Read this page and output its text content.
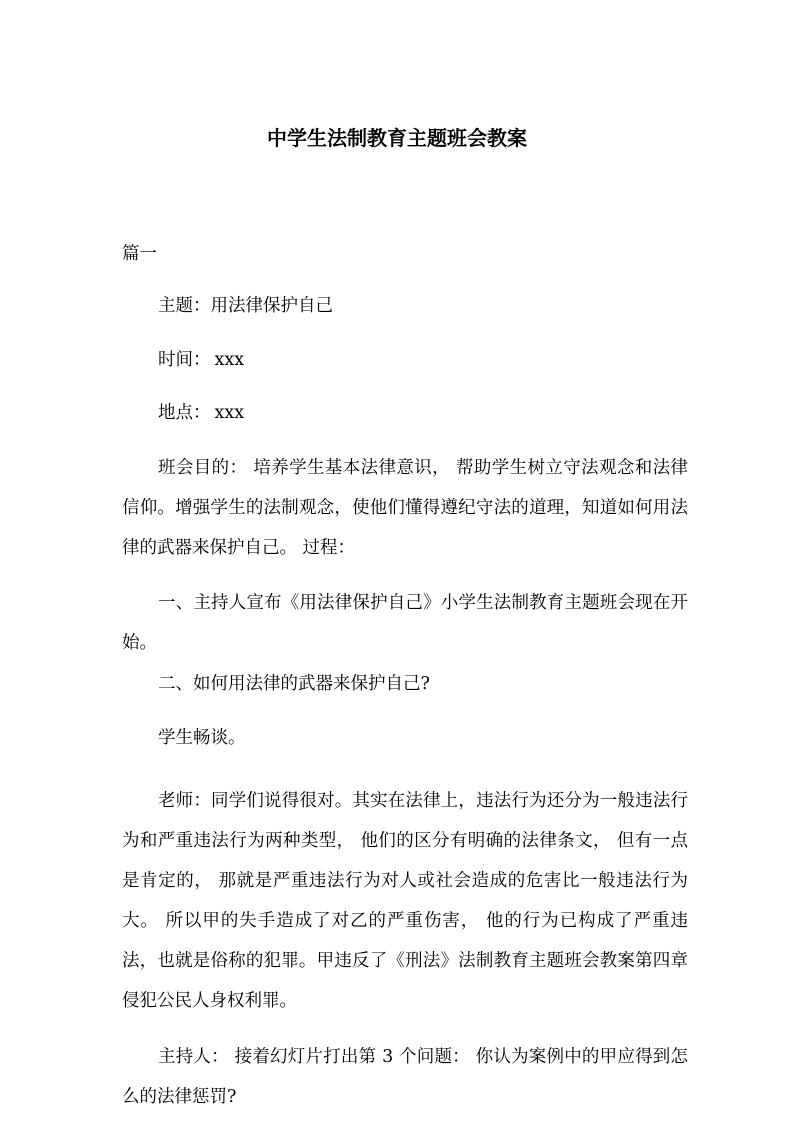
中学生法制教育主题班会教案

篇一

主题：用法律保护自己

时间： xxx

地点： xxx

班会目的： 培养学生基本法律意识， 帮助学生树立守法观念和法律信仰。增强学生的法制观念，使他们懂得遵纪守法的道理，知道如何用法律的武器来保护自己。 过程：

一、主持人宣布《用法律保护自己》小学生法制教育主题班会现在开始。

二、如何用法律的武器来保护自己?

学生畅谈。

老师：同学们说得很对。其实在法律上，违法行为还分为一般违法行为和严重违法行为两种类型， 他们的区分有明确的法律条文， 但有一点是肯定的， 那就是严重违法行为对人或社会造成的危害比一般违法行为大。 所以甲的失手造成了对乙的严重伤害， 他的行为已构成了严重违法，也就是俗称的犯罪。甲违反了《刑法》法制教育主题班会教案第四章侵犯公民人身权利罪。

主持人： 接着幻灯片打出第 3 个问题： 你认为案例中的甲应得到怎么的法律惩罚?
